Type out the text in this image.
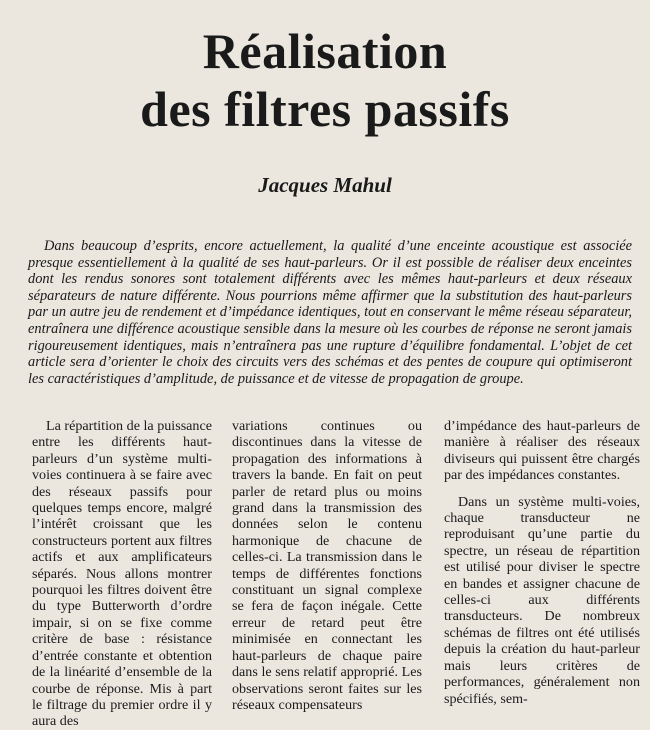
Réalisation
des filtres passifs
Jacques Mahul

Dans beaucoup d’esprits, encore actuellement, la qualité d’une enceinte acoustique est associée presque essentiellement à la qualité de ses haut-parleurs. Or il est possible de réaliser deux enceintes dont les rendus sonores sont totalement différents avec les mêmes haut-parleurs et deux réseaux séparateurs de nature différente. Nous pourrions même affirmer que la substitution des haut-parleurs par un autre jeu de rendement et d’impédance identiques, tout en conservant le même réseau séparateur, entraînera une différence acoustique sensible dans la mesure où les courbes de réponse ne seront jamais rigoureusement identiques, mais n’entraînera pas une rupture d’équilibre fondamental. L’objet de cet article sera d’orienter le choix des circuits vers des schémas et des pentes de coupure qui optimiseront les caractéristiques d’amplitude, de puissance et de vitesse de propagation de groupe.

La répartition de la puissance entre les différents haut-parleurs d’un système multi-voies continuera à se faire avec des réseaux passifs pour quelques temps encore, malgré l’intérêt croissant que les constructeurs portent aux filtres actifs et aux amplificateurs séparés. Nous allons montrer pourquoi les filtres doivent être du type Butterworth d’ordre impair, si on se fixe comme critère de base : résistance d’entrée constante et obtention de la linéarité d’ensemble de la courbe de réponse. Mis à part le filtrage du premier ordre il y aura des

variations continues ou discontinues dans la vitesse de propagation des informations à travers la bande. En fait on peut parler de retard plus ou moins grand dans la transmission des données selon le contenu harmonique de chacune de celles-ci. La transmission dans le temps de différentes fonctions constituant un signal complexe se fera de façon inégale. Cette erreur de retard peut être minimisée en connectant les haut-parleurs de chaque paire dans le sens relatif approprié. Les observations seront faites sur les réseaux compensateurs

d’impédance des haut-parleurs de manière à réaliser des réseaux diviseurs qui puissent être chargés par des impédances constantes.

Dans un système multi-voies, chaque transducteur ne reproduisant qu’une partie du spectre, un réseau de répartition est utilisé pour diviser le spectre en bandes et assigner chacune de celles-ci aux différents transducteurs. De nombreux schémas de filtres ont été utilisés depuis la création du haut-parleur mais leurs critères de performances, généralement non spécifiés, sem-
